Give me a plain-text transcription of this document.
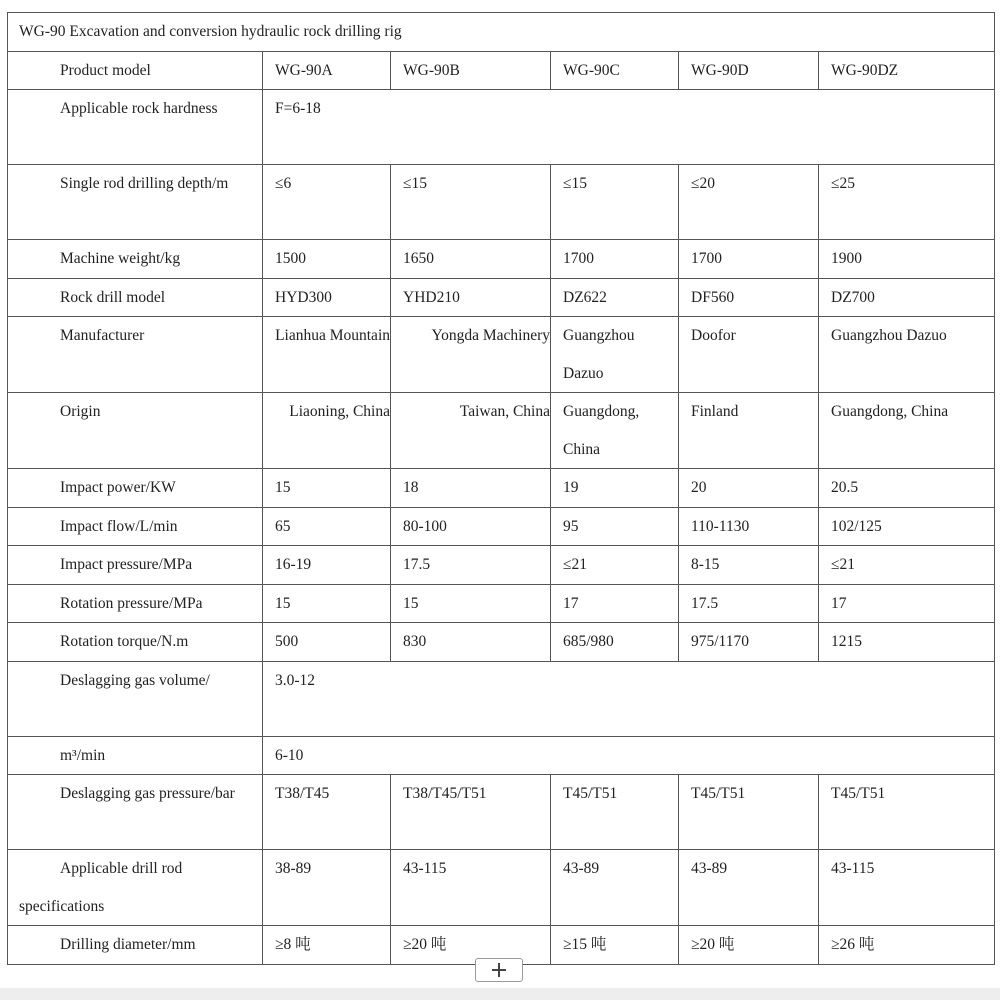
WG-90 Excavation and conversion hydraulic rock drilling rig					
Product model	WG-90A	WG-90B	WG-90C	WG-90D	WG-90DZ
Applicable rock hardness	F=6-18				
Single rod drilling depth/m	≤6	≤15	≤15	≤20	≤25
Machine weight/kg	1500	1650	1700	1700	1900
Rock drill model	HYD300	YHD210	DZ622	DF560	DZ700
Manufacturer	Lianhua Mountain	Yongda Machinery	Guangzhou Dazuo	Doofor	Guangzhou Dazuo
Origin	Liaoning, China	Taiwan, China	Guangdong, China	Finland	Guangdong, China
Impact power/KW	15	18	19	20	20.5
Impact flow/L/min	65	80-100	95	110-1130	102/125
Impact pressure/MPa	16-19	17.5	≤21	8-15	≤21
Rotation pressure/MPa	15	15	17	17.5	17
Rotation torque/N.m	500	830	685/980	975/1170	1215
Deslagging gas volume/	3.0-12				
m³/min	6-10				
Deslagging gas pressure/bar	T38/T45	T38/T45/T51	T45/T51	T45/T51	T45/T51
Applicable drill rod specifications	38-89	43-115	43-89	43-89	43-115
Drilling diameter/mm	≥8 吨	≥20 吨	≥15 吨	≥20 吨	≥26 吨
